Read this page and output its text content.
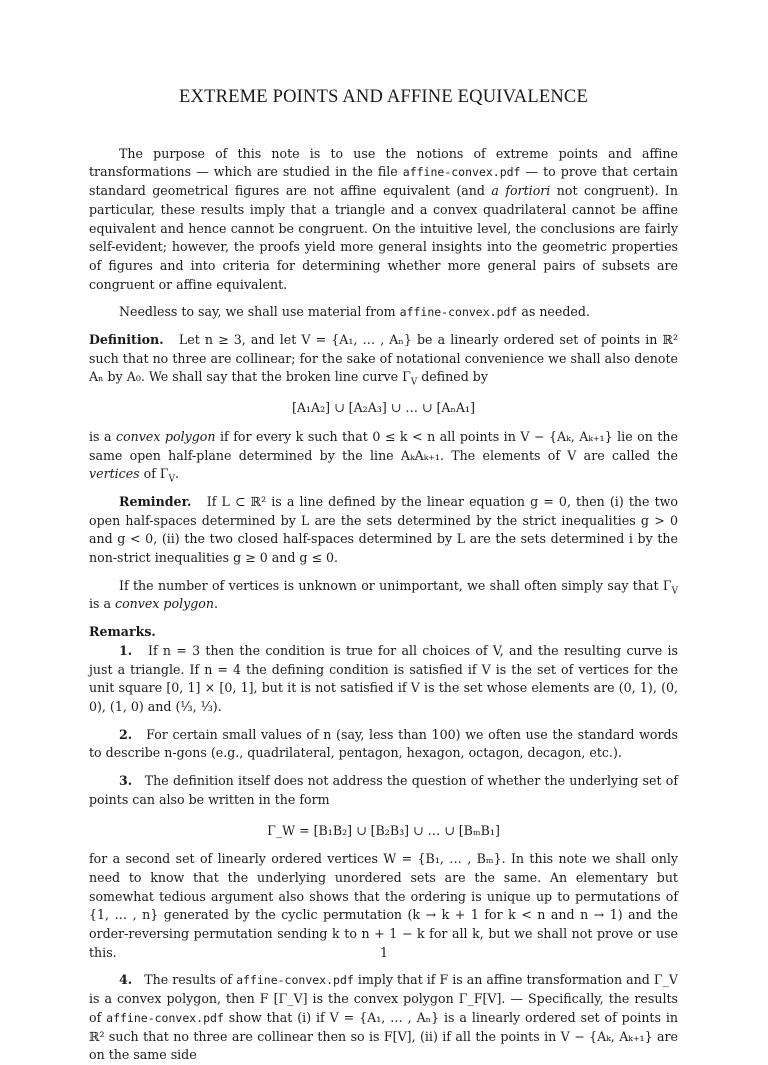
EXTREME POINTS AND AFFINE EQUIVALENCE

The purpose of this note is to use the notions of extreme points and affine transformations — which are studied in the file affine-convex.pdf — to prove that certain standard geometrical figures are not affine equivalent (and a fortiori not congruent). In particular, these results imply that a triangle and a convex quadrilateral cannot be affine equivalent and hence cannot be congruent. On the intuitive level, the conclusions are fairly self-evident; however, the proofs yield more general insights into the geometric properties of figures and into criteria for determining whether more general pairs of subsets are congruent or affine equivalent.

Needless to say, we shall use material from affine-convex.pdf as needed.

Definition. Let n ≥ 3, and let V = {A₁, … , Aₙ} be a linearly ordered set of points in ℝ² such that no three are collinear; for the sake of notational convenience we shall also denote Aₙ by A₀. We shall say that the broken line curve $\Gamma_V$ defined by

[A₁A₂] ∪ [A₂A₃] ∪ … ∪ [AₙA₁]

is a convex polygon if for every k such that 0 ≤ k < n all points in V − {Aₖ, Aₖ₊₁} lie on the same open half-plane determined by the line AₖAₖ₊₁. The elements of V are called the vertices of $\Gamma_V$.

Reminder. If L ⊂ ℝ² is a line defined by the linear equation g = 0, then (i) the two open half-spaces determined by L are the sets determined by the strict inequalities g > 0 and g < 0, (ii) the two closed half-spaces determined by L are the sets determined i by the non-strict inequalities g ≥ 0 and g ≤ 0.

If the number of vertices is unknown or unimportant, we shall often simply say that $\Gamma_V$ is a convex polygon.

Remarks.

1. If n = 3 then the condition is true for all choices of V, and the resulting curve is just a triangle. If n = 4 the defining condition is satisfied if V is the set of vertices for the unit square [0, 1] × [0, 1], but it is not satisfied if V is the set whose elements are (0, 1), (0, 0), (1, 0) and (⅓, ⅓).

2. For certain small values of n (say, less than 100) we often use the standard words to describe n-gons (e.g., quadrilateral, pentagon, hexagon, octagon, decagon, etc.).

3. The definition itself does not address the question of whether the underlying set of points can also be written in the form

Γ_W = [B₁B₂] ∪ [B₂B₃] ∪ … ∪ [BₘB₁]

for a second set of linearly ordered vertices W = {B₁, … , Bₘ}. In this note we shall only need to know that the underlying unordered sets are the same. An elementary but somewhat tedious argument also shows that the ordering is unique up to permutations of {1, … , n} generated by the cyclic permutation (k → k + 1 for k < n and n → 1) and the order-reversing permutation sending k to n + 1 − k for all k, but we shall not prove or use this.

4. The results of affine-convex.pdf imply that if F is an affine transformation and Γ_V is a convex polygon, then F [Γ_V] is the convex polygon Γ_F[V]. — Specifically, the results of affine-convex.pdf show that (i) if V = {A₁, … , Aₙ} is a linearly ordered set of points in ℝ² such that no three are collinear then so is F[V], (ii) if all the points in V − {Aₖ, Aₖ₊₁} are on the same side

1
